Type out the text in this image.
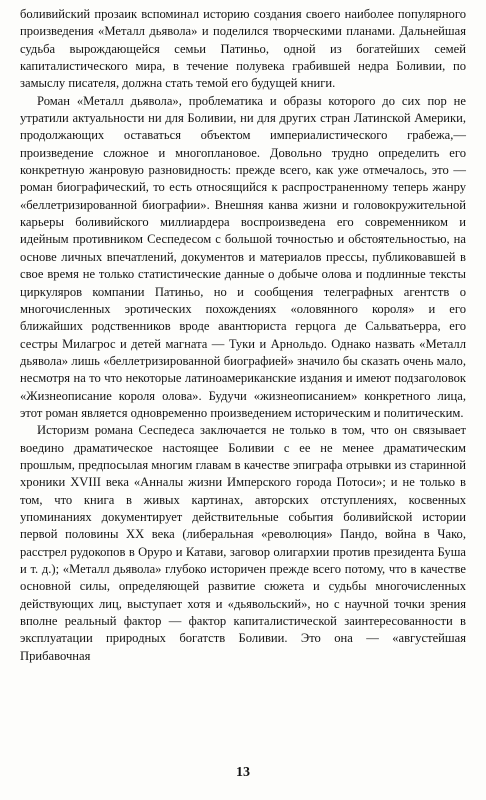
боливийский прозаик вспоминал историю создания своего наиболее популярного произведения «Металл дьявола» и поделился творческими планами. Дальнейшая судьба вырождающейся семьи Патиньо, одной из богатейших семей капиталистического мира, в течение полувека грабившей недра Боливии, по замыслу писателя, должна стать темой его будущей книги.

Роман «Металл дьявола», проблематика и образы которого до сих пор не утратили актуальности ни для Боливии, ни для других стран Латинской Америки, продолжающих оставаться объектом империалистического грабежа,— произведение сложное и многоплановое. Довольно трудно определить его конкретную жанровую разновидность: прежде всего, как уже отмечалось, это — роман биографический, то есть относящийся к распространенному теперь жанру «беллетризированной биографии». Внешняя канва жизни и головокружительной карьеры боливийского миллиардера воспроизведена его современником и идейным противником Сеспедесом с большой точностью и обстоятельностью, на основе личных впечатлений, документов и материалов прессы, публиковавшей в свое время не только статистические данные о добыче олова и подлинные тексты циркуляров компании Патиньо, но и сообщения телеграфных агентств о многочисленных эротических похождениях «оловянного короля» и его ближайших родственников вроде авантюриста герцога де Сальватьерра, его сестры Милагрос и детей магната — Туки и Арнольдо. Однако назвать «Металл дьявола» лишь «беллетризированной биографией» значило бы сказать очень мало, несмотря на то что некоторые латиноамериканские издания и имеют подзаголовок «Жизнеописание короля олова». Будучи «жизнеописанием» конкретного лица, этот роман является одновременно произведением историческим и политическим.

Историзм романа Сеспедеса заключается не только в том, что он связывает воедино драматическое настоящее Боливии с ее не менее драматическим прошлым, предпосылая многим главам в качестве эпиграфа отрывки из старинной хроники XVIII века «Анналы жизни Имперского города Потоси»; и не только в том, что книга в живых картинах, авторских отступлениях, косвенных упоминаниях документирует действительные события боливийской истории первой половины XX века (либеральная «революция» Пандо, война в Чако, расстрел рудокопов в Оруро и Катави, заговор олигархии против президента Буша и т. д.); «Металл дьявола» глубоко историчен прежде всего потому, что в качестве основной силы, определяющей развитие сюжета и судьбы многочисленных действующих лиц, выступает хотя и «дьявольский», но с научной точки зрения вполне реальный фактор — фактор капиталистической заинтересованности в эксплуатации природных богатств Боливии. Это она — «августейшая Прибавочная

13
